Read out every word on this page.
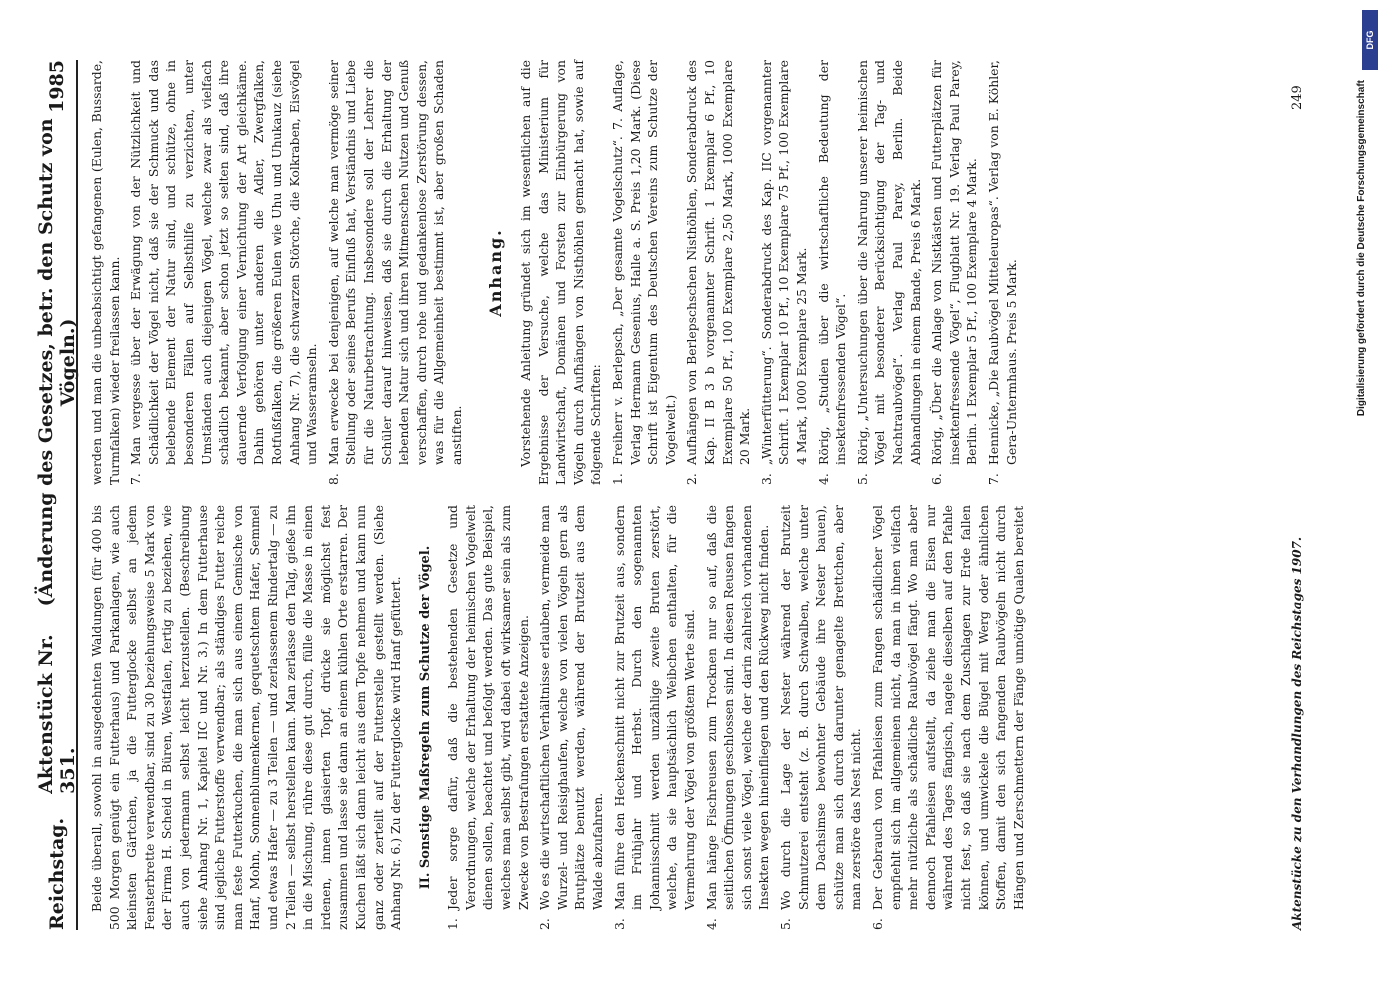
Reichstag.
Aktenstück Nr. 351.
(Änderung des Gesetzes, betr. den Schutz von Vögeln.)
1985

Beide überall, sowohl in ausgedehnten Waldungen (für 400 bis 500 Morgen genügt ein Futterhaus) und Parkanlagen, wie auch kleinsten Gärtchen, ja die Futterglocke selbst an jedem Fensterbrette verwendbar, sind zu 30 beziehungsweise 5 Mark von der Firma H. Scheid in Büren, Westfalen, fertig zu beziehen, wie auch von jedermann selbst leicht herzustellen. (Beschreibung siehe Anhang Nr. 1, Kapitel IIC und Nr. 3.) In dem Futterhause sind jegliche Futterstoffe verwendbar; als ständiges Futter reiche man feste Futterkuchen, die man sich aus einem Gemische von Hanf, Mohn, Sonnenblumenkernen, gequetschtem Hafer, Semmel und etwas Hafer — zu 3 Teilen — und zerlassenem Rindertalg — zu 2 Teilen — selbst herstellen kann. Man zerlasse den Talg, gieße ihn in die Mischung, rühre diese gut durch, fülle die Masse in einen irdenen, innen glasierten Topf, drücke sie möglichst fest zusammen und lasse sie dann an einem kühlen Orte erstarren. Der Kuchen läßt sich dann leicht aus dem Topfe nehmen und kann nun ganz oder zerteilt auf der Futterstelle gestellt werden. (Siehe Anhang Nr. 6.) Zu der Futterglocke wird Hanf gefüttert. II. Sonstige Maßregeln zum Schutze der Vögel.
1.
Jeder sorge dafür, daß die bestehenden Gesetze und Verordnungen, welche der Erhaltung der heimischen Vogelwelt dienen sollen, beachtet und befolgt werden. Das gute Beispiel, welches man selbst gibt, wird dabei oft wirksamer sein als zum Zwecke von Bestrafungen erstattete Anzeigen.
2.
Wo es die wirtschaftlichen Verhältnisse erlauben, vermeide man Wurzel- und Reisighaufen, welche von vielen Vögeln gern als Brutplätze benutzt werden, während der Brutzeit aus dem Walde abzufahren.
3.
Man führe den Heckenschnitt nicht zur Brutzeit aus, sondern im Frühjahr und Herbst. Durch den sogenannten Johannisschnitt werden unzählige zweite Bruten zerstört, welche, da sie hauptsächlich Weibchen enthalten, für die Vermehrung der Vögel von größtem Werte sind.
4.
Man hänge Fischreusen zum Trocknen nur so auf, daß die seitlichen Öffnungen geschlossen sind. In diesen Reusen fangen sich sonst viele Vögel, welche der darin zahlreich vorhandenen Insekten wegen hineinfliegen und den Rückweg nicht finden.
5.
Wo durch die Lage der Nester während der Brutzeit Schmutzerei entsteht (z. B. durch Schwalben, welche unter dem Dachsimse bewohnter Gebäude ihre Nester bauen), schütze man sich durch darunter genagelte Brettchen, aber man zerstöre das Nest nicht.
6.
Der Gebrauch von Pfahleisen zum Fangen schädlicher Vögel empfiehlt sich im allgemeinen nicht, da man in ihnen vielfach mehr nützliche als schädliche Raubvögel fängt. Wo man aber dennoch Pfahleisen aufstellt, da ziehe man die Eisen nur während des Tages fängisch, nagele dieselben auf den Pfahle nicht fest, so daß sie nach dem Zuschlagen zur Erde fallen können, und umwickele die Bügel mit Werg oder ähnlichen Stoffen, damit den sich fangenden Raubvögeln nicht durch Hängen und Zerschmettern der Fänge unnötige Qualen bereitet

werden und man die unbeabsichtigt gefangenen (Eulen, Bussarde, Turmfalken) wieder freilassen kann. 7.
Man vergesse über der Erwägung von der Nützlichkeit und Schädlichkeit der Vögel nicht, daß sie der Schmuck und das belebende Element der Natur sind, und schütze, ohne in besonderen Fällen auf Selbsthilfe zu verzichten, unter Umständen auch diejenigen Vögel, welche zwar als vielfach schädlich bekannt, aber schon jetzt so selten sind, daß ihre dauernde Verfolgung einer Vernichtung der Art gleichkäme. Dahin gehören unter anderen die Adler, Zwergfalken, Rotfußfalken, die größeren Eulen wie Uhu und Uhukauz (siehe Anhang Nr. 7), die schwarzen Störche, die Kolkraben, Eisvögel und Wasseramseln.
8.
Man erwecke bei denjenigen, auf welche man vermöge seiner Stellung oder seines Berufs Einfluß hat, Verständnis und Liebe für die Naturbetrachtung. Insbesondere soll der Lehrer die Schüler darauf hinweisen, daß sie durch die Erhaltung der lebenden Natur sich und ihren Mitmenschen Nutzen und Genuß verschaffen, durch rohe und gedankenlose Zerstörung dessen, was für die Allgemeinheit bestimmt ist, aber großen Schaden anstiften.
Anhang. Vorstehende Anleitung gründet sich im wesentlichen auf die Ergebnisse der Versuche, welche das Ministerium für Landwirtschaft, Domänen und Forsten zur Einbürgerung von Vögeln durch Aufhängen von Nisthöhlen gemacht hat, sowie auf folgende Schriften: 1.
Freiherr v. Berlepsch, „Der gesamte Vogelschutz“. 7. Auflage, Verlag Hermann Gesenius, Halle a. S. Preis 1,20 Mark. (Diese Schrift ist Eigentum des Deutschen Vereins zum Schutze der Vogelwelt.)
2.
Aufhängen von Berlepschschen Nisthöhlen, Sonderabdruck des Kap. II B 3 b vorgenannter Schrift. 1 Exemplar 6 Pf., 10 Exemplare 50 Pf., 100 Exemplare 2,50 Mark, 1000 Exemplare 20 Mark.
3.
„Winterfütterung“. Sonderabdruck des Kap. IIC vorgenannter Schrift. 1 Exemplar 10 Pf., 10 Exemplare 75 Pf., 100 Exemplare 4 Mark, 1000 Exemplare 25 Mark.
4.
Rörig, „Studien über die wirtschaftliche Bedeutung der insektenfressenden Vögel“.
5.
Rörig, „Untersuchungen über die Nahrung unserer heimischen Vögel mit besonderer Berücksichtigung der Tag- und Nachtraubvögel“. Verlag Paul Parey, Berlin. Beide Abhandlungen in einem Bande, Preis 6 Mark.
6.
Rörig, „Über die Anlage von Nistkästen und Futterplätzen für insektenfressende Vögel“, Flugblatt Nr. 19. Verlag Paul Parey, Berlin. 1 Exemplar 5 Pf., 100 Exemplare 4 Mark.
7.
Hennicke, „Die Raubvögel Mitteleuropas“. Verlag von E. Köhler, Gera-Untermhaus. Preis 5 Mark.
Aktenstücke zu den Verhandlungen des Reichstages 1907.
249	Digitalisierung gefördert durch die Deutsche Forschungsgemeinschaft
DFG
